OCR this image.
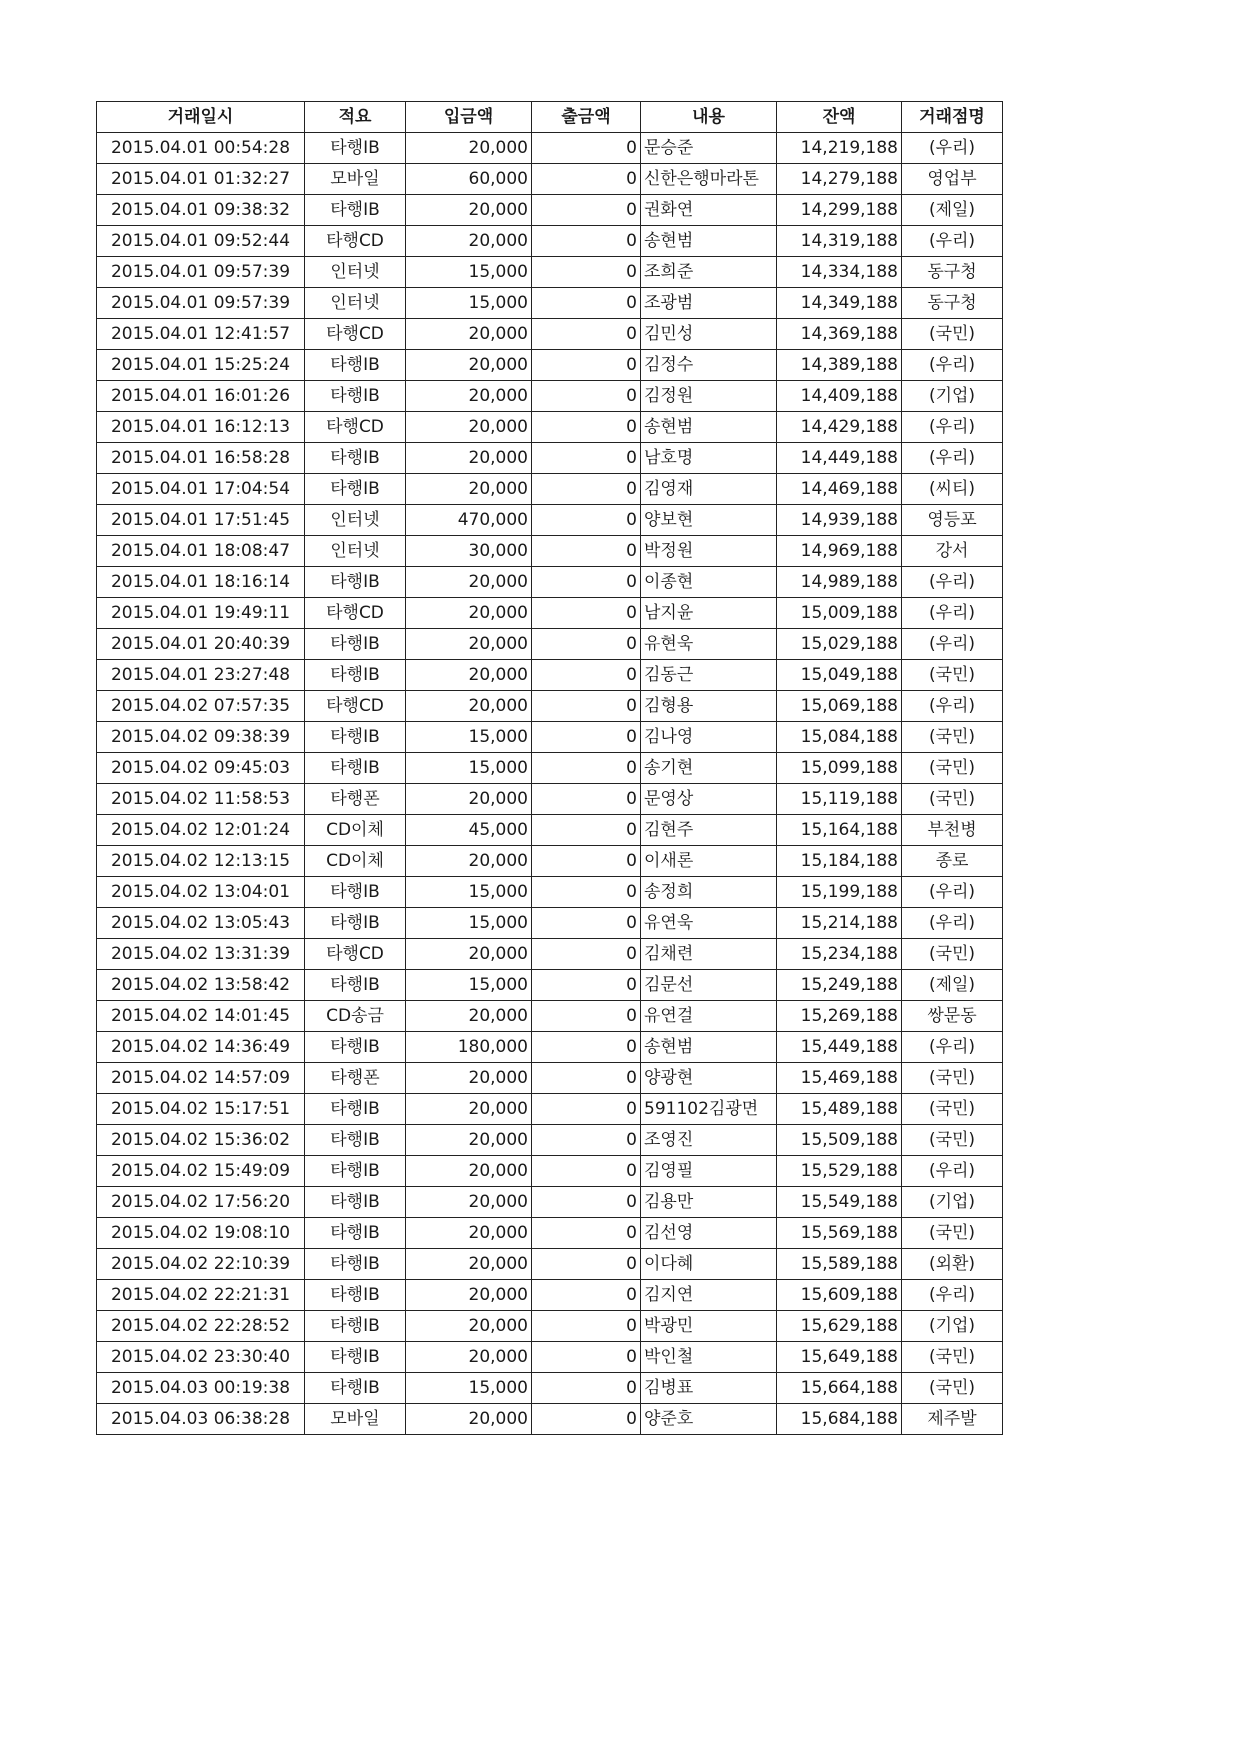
거래일시	적요	입금액	출금액	내용	잔액	거래점명
2015.04.01 00:54:28	타행IB	20,000	0	문승준	14,219,188	(우리)
2015.04.01 01:32:27	모바일	60,000	0	신한은행마라톤	14,279,188	영업부
2015.04.01 09:38:32	타행IB	20,000	0	권화연	14,299,188	(제일)
2015.04.01 09:52:44	타행CD	20,000	0	송현범	14,319,188	(우리)
2015.04.01 09:57:39	인터넷	15,000	0	조희준	14,334,188	동구청
2015.04.01 09:57:39	인터넷	15,000	0	조광범	14,349,188	동구청
2015.04.01 12:41:57	타행CD	20,000	0	김민성	14,369,188	(국민)
2015.04.01 15:25:24	타행IB	20,000	0	김정수	14,389,188	(우리)
2015.04.01 16:01:26	타행IB	20,000	0	김정원	14,409,188	(기업)
2015.04.01 16:12:13	타행CD	20,000	0	송현범	14,429,188	(우리)
2015.04.01 16:58:28	타행IB	20,000	0	남호명	14,449,188	(우리)
2015.04.01 17:04:54	타행IB	20,000	0	김영재	14,469,188	(씨티)
2015.04.01 17:51:45	인터넷	470,000	0	양보현	14,939,188	영등포
2015.04.01 18:08:47	인터넷	30,000	0	박정원	14,969,188	강서
2015.04.01 18:16:14	타행IB	20,000	0	이종현	14,989,188	(우리)
2015.04.01 19:49:11	타행CD	20,000	0	남지윤	15,009,188	(우리)
2015.04.01 20:40:39	타행IB	20,000	0	유현욱	15,029,188	(우리)
2015.04.01 23:27:48	타행IB	20,000	0	김동근	15,049,188	(국민)
2015.04.02 07:57:35	타행CD	20,000	0	김형용	15,069,188	(우리)
2015.04.02 09:38:39	타행IB	15,000	0	김나영	15,084,188	(국민)
2015.04.02 09:45:03	타행IB	15,000	0	송기현	15,099,188	(국민)
2015.04.02 11:58:53	타행폰	20,000	0	문영상	15,119,188	(국민)
2015.04.02 12:01:24	CD이체	45,000	0	김현주	15,164,188	부천병
2015.04.02 12:13:15	CD이체	20,000	0	이새론	15,184,188	종로
2015.04.02 13:04:01	타행IB	15,000	0	송정희	15,199,188	(우리)
2015.04.02 13:05:43	타행IB	15,000	0	유연욱	15,214,188	(우리)
2015.04.02 13:31:39	타행CD	20,000	0	김채련	15,234,188	(국민)
2015.04.02 13:58:42	타행IB	15,000	0	김문선	15,249,188	(제일)
2015.04.02 14:01:45	CD송금	20,000	0	유연걸	15,269,188	쌍문동
2015.04.02 14:36:49	타행IB	180,000	0	송현범	15,449,188	(우리)
2015.04.02 14:57:09	타행폰	20,000	0	양광현	15,469,188	(국민)
2015.04.02 15:17:51	타행IB	20,000	0	591102김광면	15,489,188	(국민)
2015.04.02 15:36:02	타행IB	20,000	0	조영진	15,509,188	(국민)
2015.04.02 15:49:09	타행IB	20,000	0	김영필	15,529,188	(우리)
2015.04.02 17:56:20	타행IB	20,000	0	김용만	15,549,188	(기업)
2015.04.02 19:08:10	타행IB	20,000	0	김선영	15,569,188	(국민)
2015.04.02 22:10:39	타행IB	20,000	0	이다혜	15,589,188	(외환)
2015.04.02 22:21:31	타행IB	20,000	0	김지연	15,609,188	(우리)
2015.04.02 22:28:52	타행IB	20,000	0	박광민	15,629,188	(기업)
2015.04.02 23:30:40	타행IB	20,000	0	박인철	15,649,188	(국민)
2015.04.03 00:19:38	타행IB	15,000	0	김병표	15,664,188	(국민)
2015.04.03 06:38:28	모바일	20,000	0	양준호	15,684,188	제주발
